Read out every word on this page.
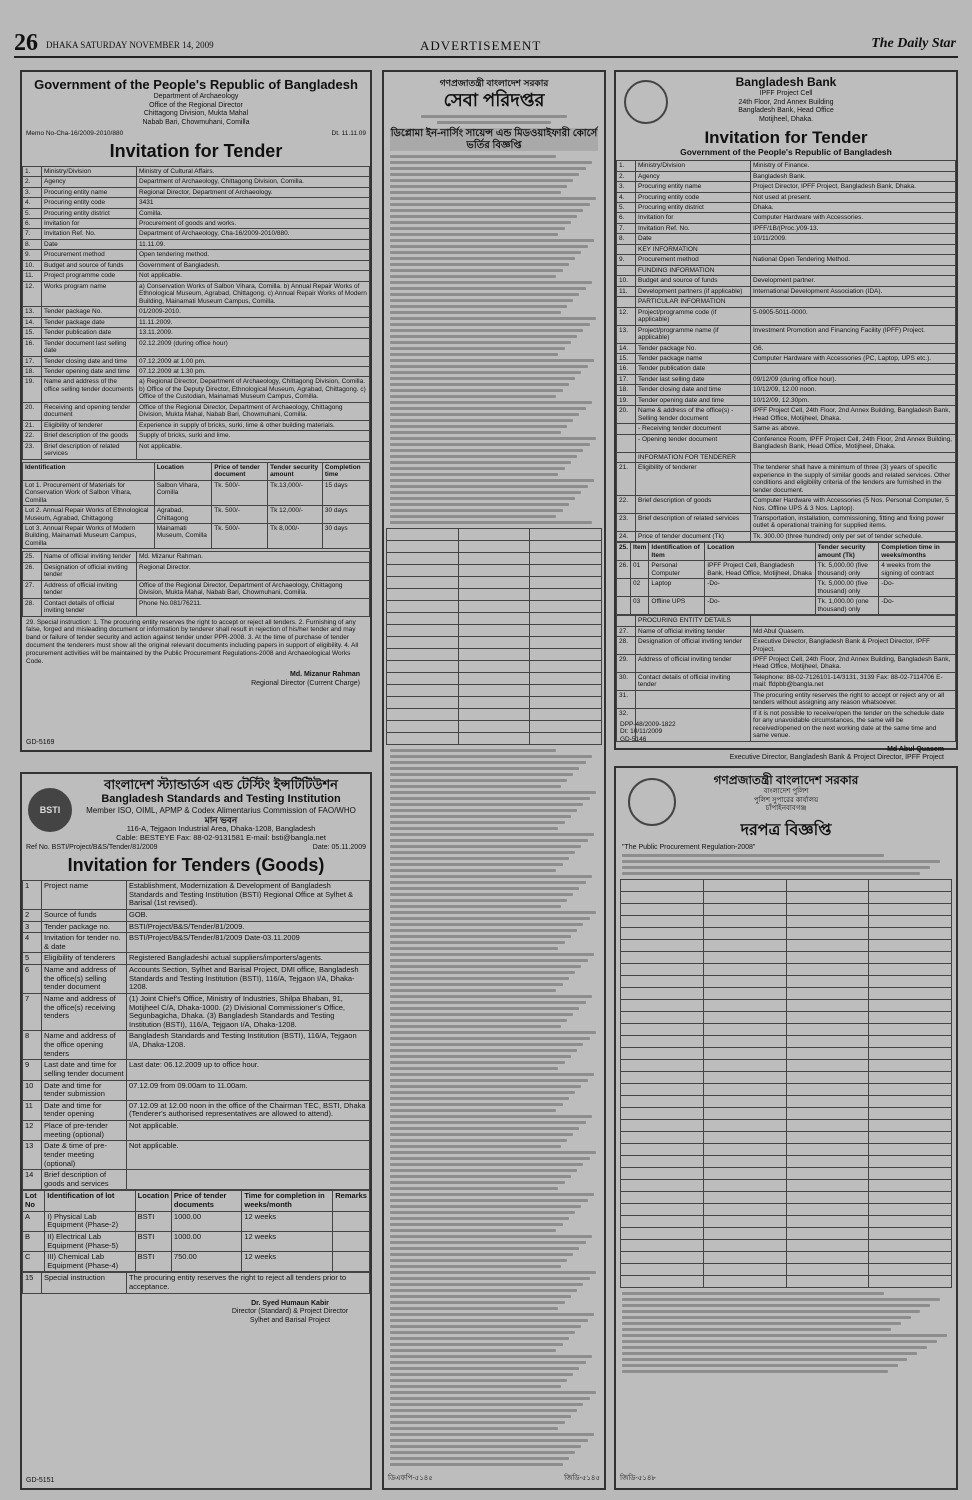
26 DHAKA SATURDAY NOVEMBER 14, 2009	ADVERTISEMENT	The Daily Star
Government of the People's Republic of Bangladesh
Department of Archaeology
Office of the Regional Director
Chittagong Division, Mukta Mahal
Nabab Bari, Chowmuhani, Comilla
Memo No-Cha-16/2009-2010/880	Dt. 11.11.09
Invitation for Tender
1.	Ministry/Division	Ministry of Cultural Affairs.
2.	Agency	Department of Archaeology, Chittagong Division, Comilla.
3.	Procuring entity name	Regional Director, Department of Archaeology.
4.	Procuring entity code	3431
5.	Procuring entity district	Comilla.
6.	Invitation for	Procurement of goods and works.
7.	Invitation Ref. No.	Department of Archaeology, Cha-16/2009-2010/880.
8.	Date	11.11.09.
9.	Procurement method	Open tendering method.
10.	Budget and source of funds	Government of Bangladesh.
11.	Project programme code	Not applicable.
12.	Works program name	a) Conservation Works of Salbon Vihara, Comilla. b) Annual Repair Works of Ethnological Museum, Agrabad, Chittagong. c) Annual Repair Works of Modern Building, Mainamati Museum Campus, Comilla.
13.	Tender package No.	01/2009-2010.
14.	Tender package date	11.11.2009.
15.	Tender publication date	13.11.2009.
16.	Tender document last selling date	02.12.2009 (during office hour)
17.	Tender closing date and time	07.12.2009 at 1.00 pm.
18.	Tender opening date and time	07.12.2009 at 1.30 pm.
19.	Name and address of the office selling tender documents	a) Regional Director, Department of Archaeology, Chittagong Division, Comilla. b) Office of the Deputy Director, Ethnological Museum, Agrabad, Chittagong. c) Office of the Custodian, Mainamati Museum Campus, Comilla.
20.	Receiving and opening tender document	Office of the Regional Director, Department of Archaeology, Chittagong Division, Mukta Mahal, Nabab Bari, Chowmuhani, Comilla.
21.	Eligibility of tenderer	Experience in supply of bricks, surki, lime & other building materials.
22.	Brief description of the goods	Supply of bricks, surki and lime.
23.	Brief description of related services	Not applicable.
Identification	Location	Price of tender document	Tender security amount	Completion time
Lot 1. Procurement of Materials for Conservation Work of Salbon Vihara, Comilla	Salbon Vihara, Comilla	Tk. 500/-	Tk.13,000/-	15 days
Lot 2. Annual Repair Works of Ethnological Museum, Agrabad, Chittagong	Agrabad, Chittagong	Tk. 500/-	Tk 12,000/-	30 days
Lot 3. Annual Repair Works of Modern Building, Mainamati Museum Campus, Comilla	Mainamati Museum, Comilla	Tk. 500/-	Tk 8,000/-	30 days
25.	Name of official inviting tender	Md. Mizanur Rahman.
26.	Designation of official inviting tender	Regional Director.
27.	Address of official inviting tender	Office of the Regional Director, Department of Archaeology, Chittagong Division, Mukta Mahal, Nabab Bari, Chowmuhani, Comilla.
28.	Contact details of official inviting tender	Phone No.081/76211.
29. Special instruction: 1. The procuring entity reserves the right to accept or reject all tenders. 2. Furnishing of any false, forged and misleading document or information by tenderer shall result in rejection of his/her tender and may band or failure of tender security and action against tender under PPR-2008. 3. At the time of purchase of tender document the tenderers must show all the original relevant documents including papers in support of eligibility. 4. All procurement activities will be maintained by the Public Procurement Regulations-2008 and Archaeological Works Code.
Md. Mizanur Rahman
Regional Director (Current Charge)
GD-5169
BSTI
বাংলাদেশ স্ট্যান্ডার্ডস এন্ড টেস্টিং ইন্সটিটিউশন
Bangladesh Standards and Testing Institution
Member ISO, OIML, APMP & Codex Alimentarius Commission of FAO/WHO
মান ভবন
116-A, Tejgaon Industrial Area, Dhaka-1208, Bangladesh
Cable: BESTEYE Fax: 88-02-9131581 E-mail: bsti@bangla.net
Ref No. BSTI/Project/B&S/Tender/81/2009	Date: 05.11.2009
Invitation for Tenders (Goods)
1	Project name	Establishment, Modernization & Development of Bangladesh Standards and Testing Institution (BSTI) Regional Office at Sylhet & Barisal (1st revised).
2	Source of funds	GOB.
3	Tender package no.	BSTI/Project/B&S/Tender/81/2009.
4	Invitation for tender no. & date	BSTI/Project/B&S/Tender/81/2009 Date-03.11.2009
5	Eligibility of tenderers	Registered Bangladeshi actual suppliers/importers/agents.
6	Name and address of the office(s) selling tender document	Accounts Section, Sylhet and Barisal Project, DMI office, Bangladesh Standards and Testing Institution (BSTI), 116/A, Tejgaon I/A, Dhaka-1208.
7	Name and address of the office(s) receiving tenders	(1) Joint Chief's Office, Ministry of Industries, Shilpa Bhaban, 91, Motijheel C/A, Dhaka-1000. (2) Divisional Commissioner's Office, Segunbagicha, Dhaka. (3) Bangladesh Standards and Testing Institution (BSTI), 116/A, Tejgaon I/A, Dhaka-1208.
8	Name and address of the office opening tenders	Bangladesh Standards and Testing Institution (BSTI), 116/A, Tejgaon I/A, Dhaka-1208.
9	Last date and time for selling tender document	Last date: 06.12.2009 up to office hour.
10	Date and time for tender submission	07.12.09 from 09.00am to 11.00am.
11	Date and time for tender opening	07.12.09 at 12.00 noon in the office of the Chairman TEC, BSTI, Dhaka (Tenderer's authorised representatives are allowed to attend).
12	Place of pre-tender meeting (optional)	Not applicable.
13	Date & time of pre-tender meeting (optional)	Not applicable.
14	Brief description of goods and services	
Lot No	Identification of lot	Location	Price of tender documents	Time for completion in weeks/month	Remarks
A	I) Physical Lab Equipment (Phase-2)	BSTI	1000.00	12 weeks	
B	II) Electrical Lab Equipment (Phase-5)	BSTI	1000.00	12 weeks	
C	III) Chemical Lab Equipment (Phase-4)	BSTI	750.00	12 weeks	
15	Special instruction	The procuring entity reserves the right to reject all tenders prior to acceptance.
Dr. Syed Humaun Kabir
Director (Standard) & Project Director Sylhet and Barisal Project
GD-5151
গণপ্রজাতন্ত্রী বাংলাদেশ সরকার
সেবা পরিদপ্তর
ডিপ্লোমা ইন-নার্সিং সায়েন্স এন্ড মিডওয়াইফারী কোর্সে ভর্তির বিজ্ঞপ্তি

ডিএফপি-৫১৪৫	জিডি-৫১৪৫
Bangladesh Bank
IPFF Project Cell
24th Floor, 2nd Annex Building
Bangladesh Bank, Head Office
Motijheel, Dhaka.
Invitation for Tender
Government of the People's Republic of Bangladesh
1.	Ministry/Division	Ministry of Finance.
2.	Agency	Bangladesh Bank.
3.	Procuring entity name	Project Director, IPFF Project, Bangladesh Bank, Dhaka.
4.	Procuring entity code	Not used at present.
5.	Procuring entity district	Dhaka.
6.	Invitation for	Computer Hardware with Accessories.
7.	Invitation Ref. No.	IPFF/1B/(Proc.)/09-13.
8.	Date	10/11/2009.
	KEY INFORMATION	
9.	Procurement method	National Open Tendering Method.
	FUNDING INFORMATION	
10.	Budget and source of funds	Development partner.
11.	Development partners (if applicable)	International Development Association (IDA).
	PARTICULAR INFORMATION	
12.	Project/programme code (if applicable)	5-0905-5011-0000.
13.	Project/programme name (if applicable)	Investment Promotion and Financing Facility (IPFF) Project.
14.	Tender package No.	G6.
15.	Tender package name	Computer Hardware with Accessories (PC, Laptop, UPS etc.).
16.	Tender publication date	
17.	Tender last selling date	09/12/09 (during office hour).
18.	Tender closing date and time	10/12/09, 12.00 noon.
19.	Tender opening date and time	10/12/09, 12.30pm.
20.	Name & address of the office(s) - Selling tender document	IPFF Project Cell, 24th Floor, 2nd Annex Building, Bangladesh Bank, Head Office, Motijheel, Dhaka.
	- Receiving tender document	Same as above.
	- Opening tender document	Conference Room, IPFF Project Cell, 24th Floor, 2nd Annex Building, Bangladesh Bank, Head Office, Motijheel, Dhaka.
	INFORMATION FOR TENDERER	
21.	Eligibility of tenderer	The tenderer shall have a minimum of three (3) years of specific experience in the supply of similar goods and related services. Other conditions and eligibility criteria of the tenders are furnished in the tender document.
22.	Brief description of goods	Computer Hardware with Accessories (5 Nos. Personal Computer, 5 Nos. Offline UPS & 3 Nos. Laptop).
23.	Brief description of related services	Transportation, installation, commissioning, fitting and fixing power outlet & operational training for supplied items.
24.	Price of tender document (Tk)	Tk. 300.00 (three hundred) only per set of tender schedule.
25.	Item	Identification of Item	Location	Tender security amount (Tk)	Completion time in weeks/months
26.	01	Personal Computer	IPFF Project Cell, Bangladesh Bank, Head Office, Motijheel, Dhaka	Tk. 5,000.00 (five thousand) only	4 weeks from the signing of contract
	02	Laptop	-Do-	Tk. 5,000.00 (five thousand) only	-Do-
	03	Offline UPS	-Do-	Tk. 1,000.00 (one thousand) only	-Do-
	PROCURING ENTITY DETAILS	
27.	Name of official inviting tender	Md Abul Quasem.
28.	Designation of official inviting tender	Executive Director, Bangladesh Bank & Project Director, IPFF Project.
29.	Address of official inviting tender	IPFF Project Cell, 24th Floor, 2nd Annex Building, Bangladesh Bank, Head Office, Motijheel, Dhaka.
30.	Contact details of official inviting tender	Telephone: 88-02-7126101-14/3131, 3139 Fax: 88-02-7114706 E-mail: ffdpbb@bangla.net
31.		The procuring entity reserves the right to accept or reject any or all tenders without assigning any reason whatsoever.
32.		If it is not possible to receive/open the tender on the schedule date for any unavoidable circumstances, the same will be received/opened on the next working date at the same time and same venue.
Md Abul Quasem
Executive Director, Bangladesh Bank & Project Director, IPFF Project
DPP-48/2009-1822
Dt: 10/11/2009
GD-5146
গণপ্রজাতন্ত্রী বাংলাদেশ সরকার
বাংলাদেশ পুলিশ
পুলিশ সুপারের কার্যালয়
চাঁপাইনবাবগঞ্জ
দরপত্র বিজ্ঞপ্তি
"The Public Procurement Regulation-2008"

জিডি-৫১৪৮
